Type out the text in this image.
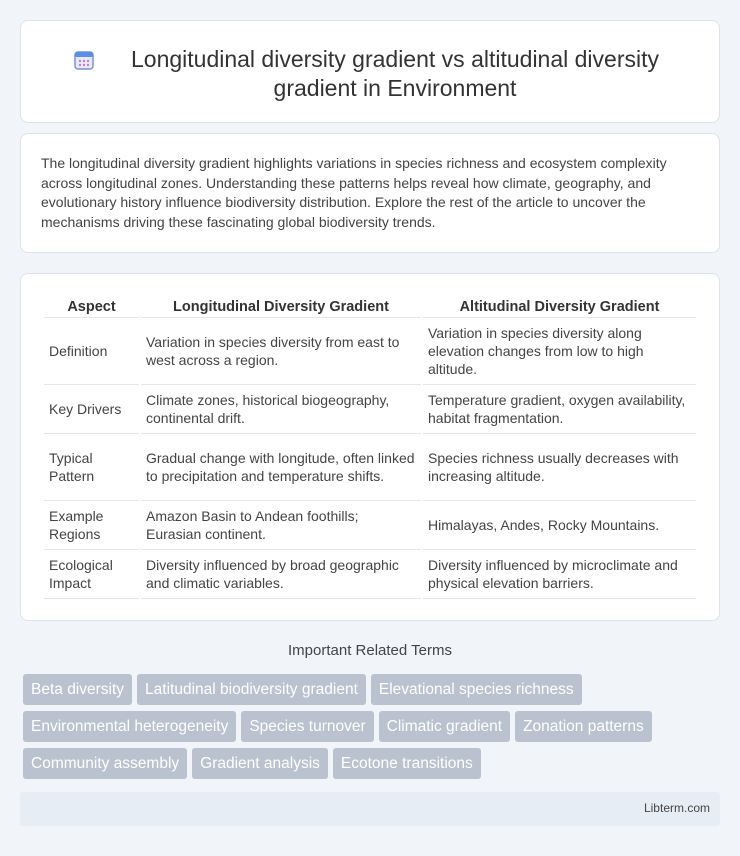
Longitudinal diversity gradient vs altitudinal diversity gradient in Environment

The longitudinal diversity gradient highlights variations in species richness and ecosystem complexity across longitudinal zones. Understanding these patterns helps reveal how climate, geography, and evolutionary history influence biodiversity distribution. Explore the rest of the article to uncover the mechanisms driving these fascinating global biodiversity trends.

Aspect	Longitudinal Diversity Gradient	Altitudinal Diversity Gradient
Definition	Variation in species diversity from east to west across a region.	Variation in species diversity along elevation changes from low to high altitude.
Key Drivers	Climate zones, historical biogeography, continental drift.	Temperature gradient, oxygen availability, habitat fragmentation.
Typical Pattern	Gradual change with longitude, often linked to precipitation and temperature shifts.	Species richness usually decreases with increasing altitude.
Example Regions	Amazon Basin to Andean foothills; Eurasian continent.	Himalayas, Andes, Rocky Mountains.
Ecological Impact	Diversity influenced by broad geographic and climatic variables.	Diversity influenced by microclimate and physical elevation barriers.
Important Related Terms
Beta diversity	Latitudinal biodiversity gradient	Elevational species richness
Environmental heterogeneity	Species turnover	Climatic gradient	Zonation patterns
Community assembly	Gradient analysis	Ecotone transitions
Libterm.com
